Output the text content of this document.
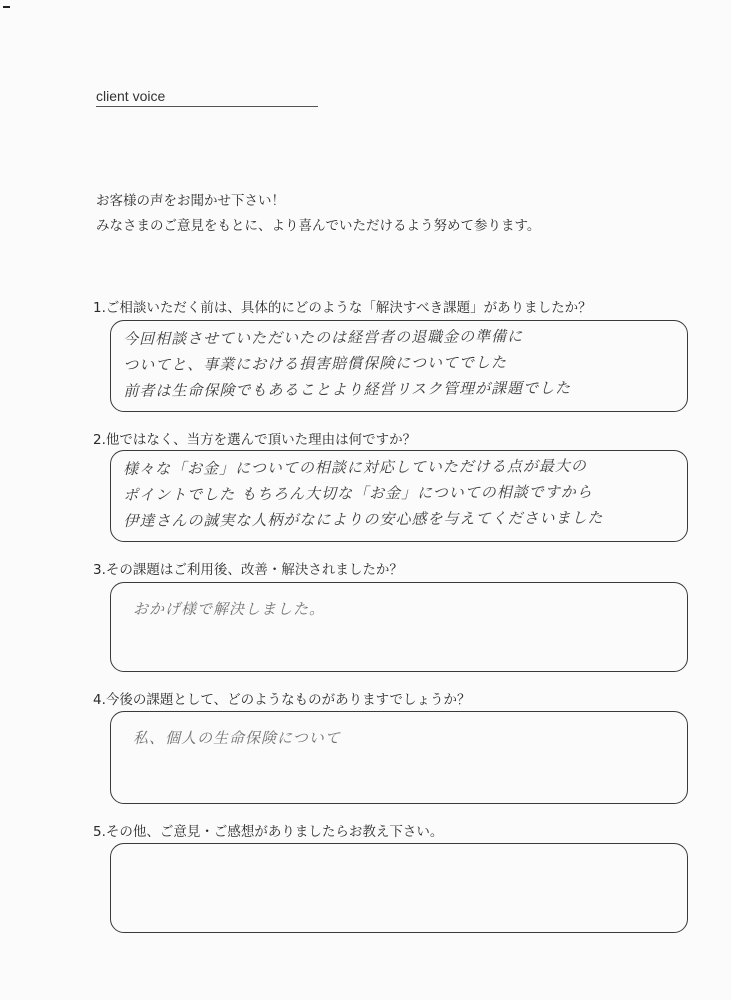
client voice
お客様の声をお聞かせ下さい！
みなさまのご意見をもとに、より喜んでいただけるよう努めて参ります。
1.ご相談いただく前は、具体的にどのような「解決すべき課題」がありましたか？
今回相談させていただいたのは経営者の退職金の準備に
ついてと、事業における損害賠償保険についてでした
前者は生命保険でもあることより経営リスク管理が課題でした
2.他ではなく、当方を選んで頂いた理由は何ですか？
様々な「お金」についての相談に対応していただける点が最大の
ポイントでした もちろん大切な「お金」についての相談ですから
伊達さんの誠実な人柄がなによりの安心感を与えてくださいました
3.その課題はご利用後、改善・解決されましたか？
おかげ様で解決しました。
4.今後の課題として、どのようなものがありますでしょうか？
私、個人の生命保険について
5.その他、ご意見・ご感想がありましたらお教え下さい。
